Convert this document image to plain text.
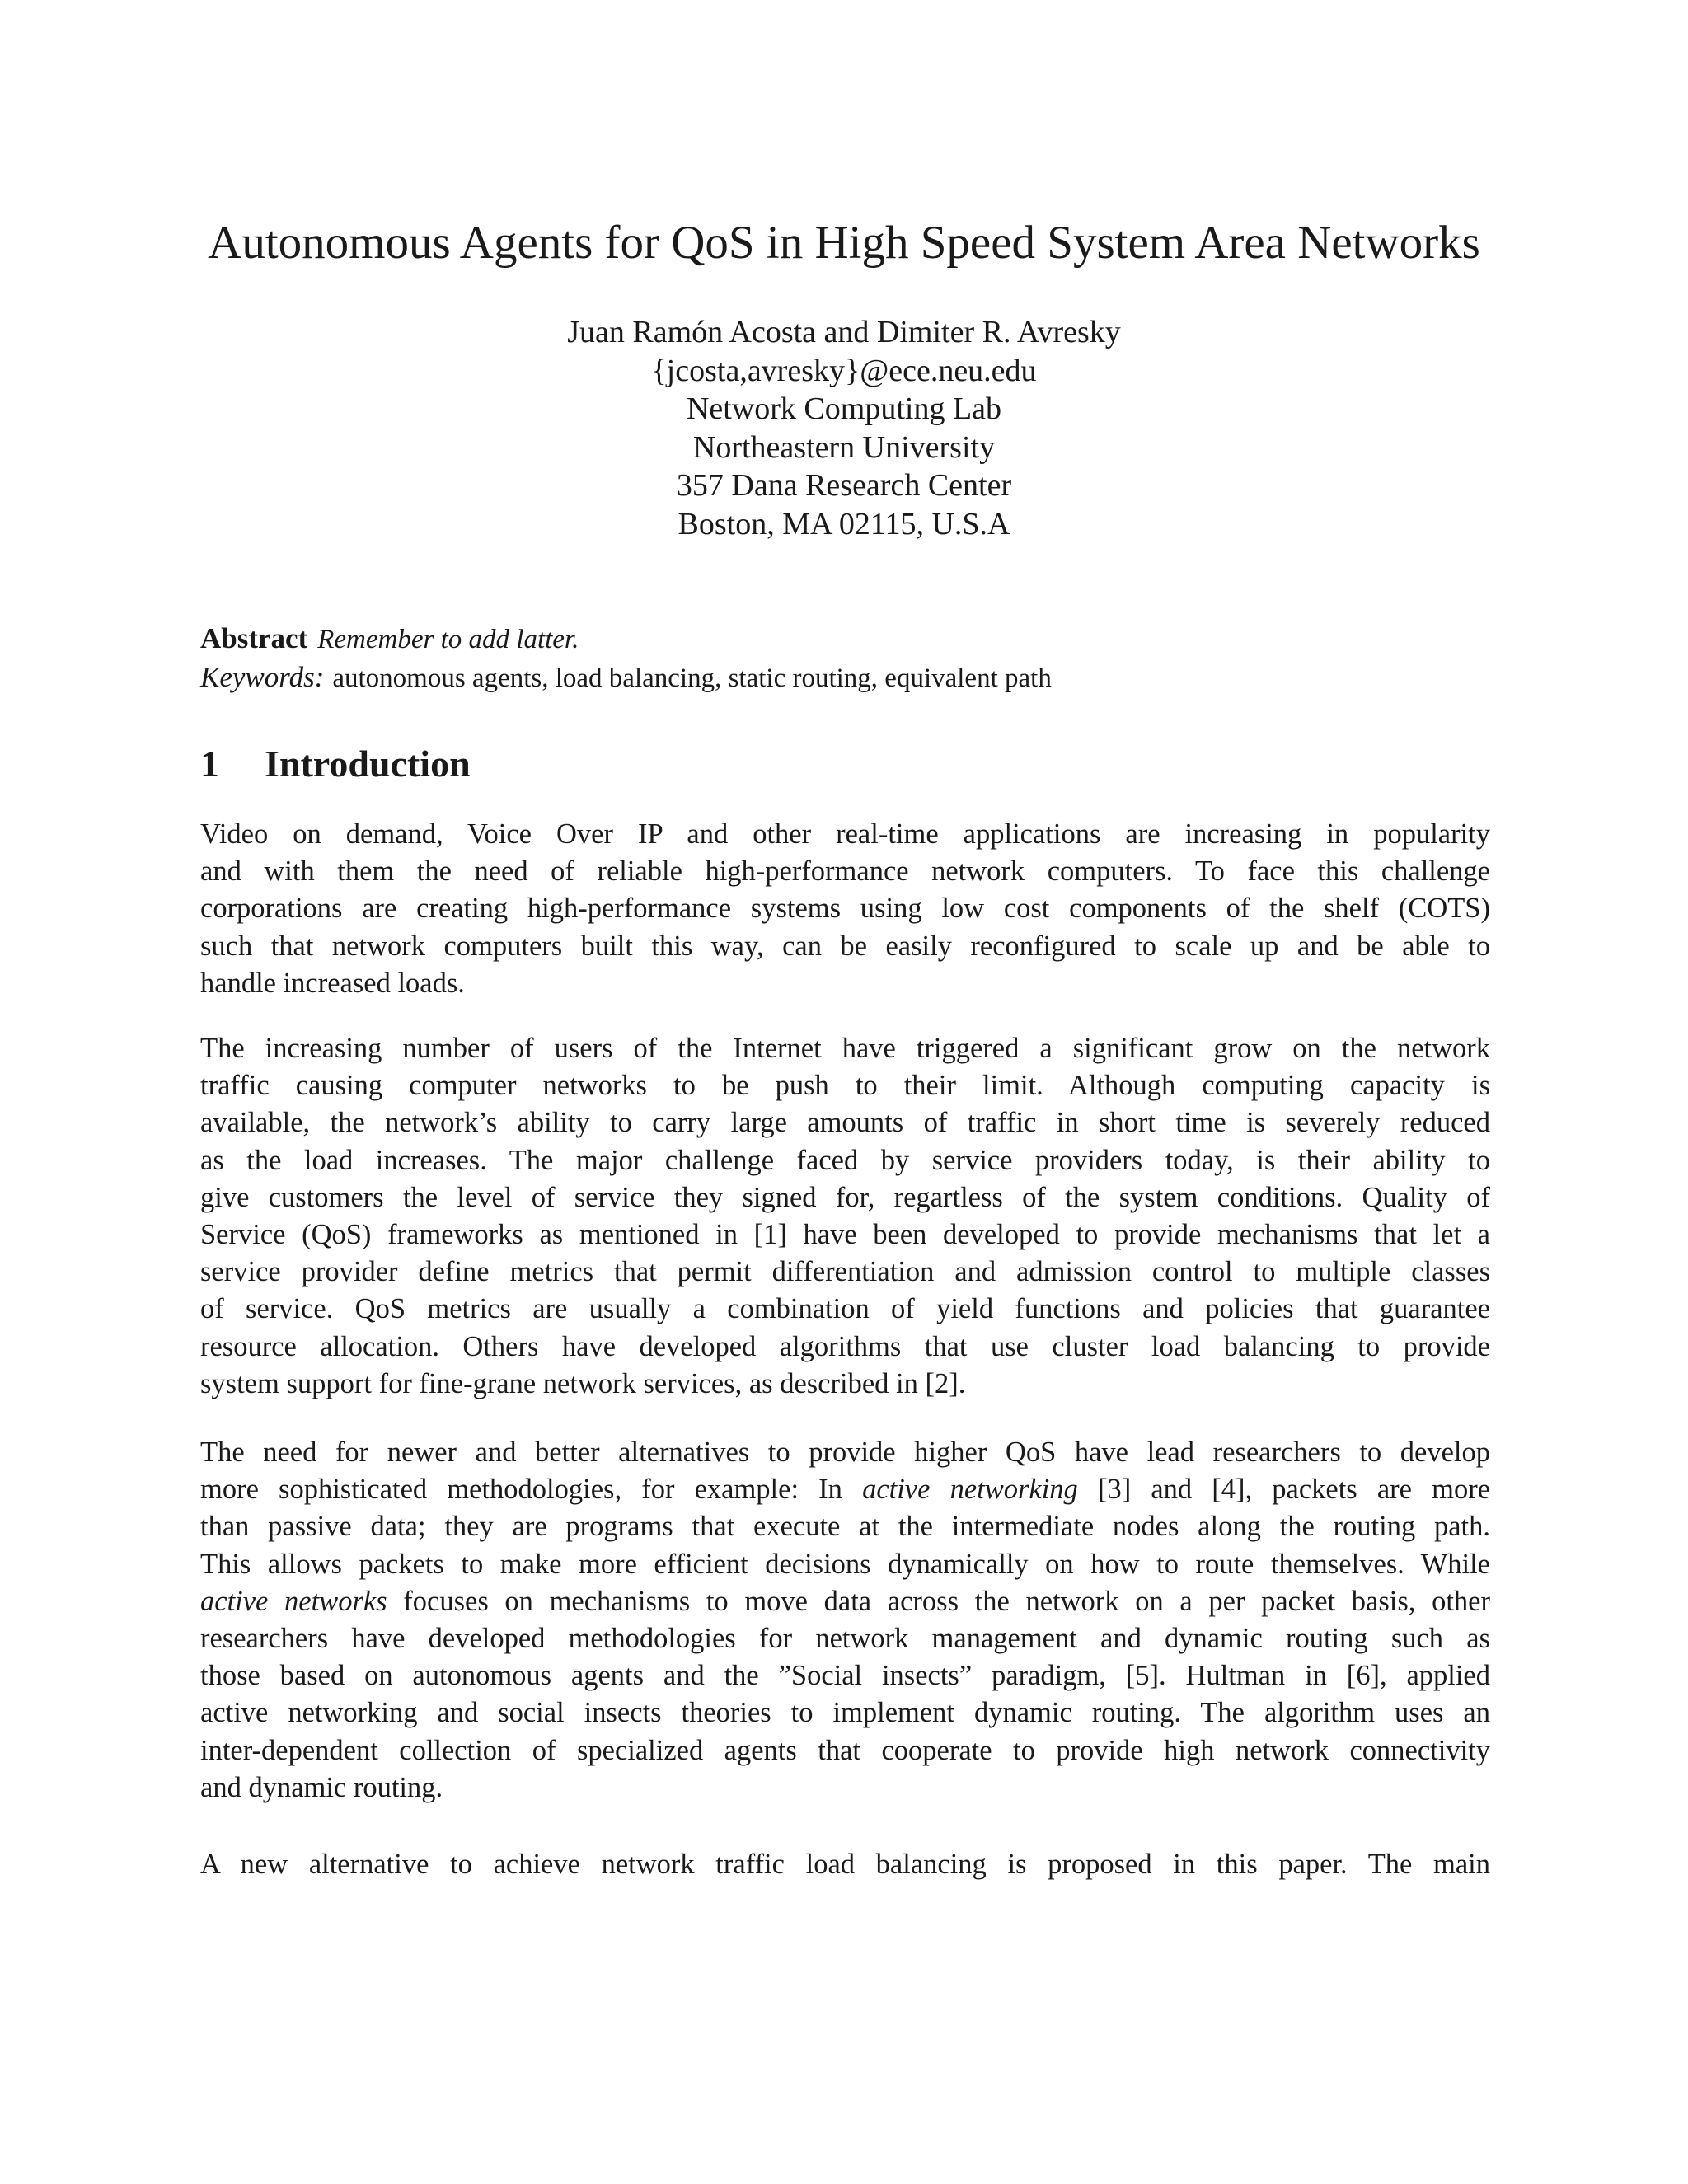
Autonomous Agents for QoS in High Speed System Area Networks
Juan Ramón Acosta and Dimiter R. Avresky
{jcosta,avresky}@ece.neu.edu
Network Computing Lab
Northeastern University
357 Dana Research Center
Boston, MA 02115, U.S.A
Abstract Remember to add latter.
Keywords: autonomous agents, load balancing, static routing, equivalent path
1 Introduction
Video on demand, Voice Over IP and other real-time applications are increasing in popularity
and with them the need of reliable high-performance network computers. To face this challenge
corporations are creating high-performance systems using low cost components of the shelf (COTS)
such that network computers built this way, can be easily reconfigured to scale up and be able to
handle increased loads.
The increasing number of users of the Internet have triggered a significant grow on the network
traffic causing computer networks to be push to their limit. Although computing capacity is
available, the network’s ability to carry large amounts of traffic in short time is severely reduced
as the load increases. The major challenge faced by service providers today, is their ability to
give customers the level of service they signed for, regartless of the system conditions. Quality of
Service (QoS) frameworks as mentioned in [1] have been developed to provide mechanisms that let a
service provider define metrics that permit differentiation and admission control to multiple classes
of service. QoS metrics are usually a combination of yield functions and policies that guarantee
resource allocation. Others have developed algorithms that use cluster load balancing to provide
system support for fine-grane network services, as described in [2].
The need for newer and better alternatives to provide higher QoS have lead researchers to develop
more sophisticated methodologies, for example: In active networking [3] and [4], packets are more
than passive data; they are programs that execute at the intermediate nodes along the routing path.
This allows packets to make more efficient decisions dynamically on how to route themselves. While
active networks focuses on mechanisms to move data across the network on a per packet basis, other
researchers have developed methodologies for network management and dynamic routing such as
those based on autonomous agents and the ”Social insects” paradigm, [5]. Hultman in [6], applied
active networking and social insects theories to implement dynamic routing. The algorithm uses an
inter-dependent collection of specialized agents that cooperate to provide high network connectivity
and dynamic routing.
A new alternative to achieve network traffic load balancing is proposed in this paper. The main
